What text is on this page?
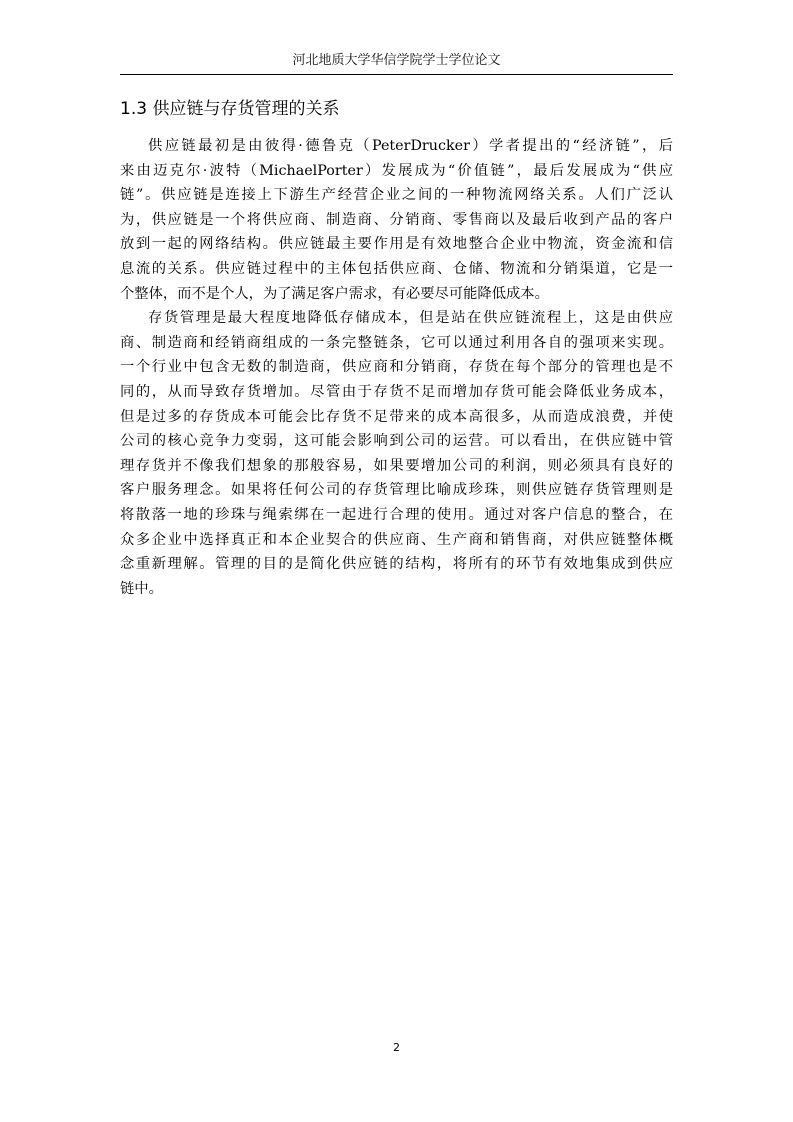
河北地质大学华信学院学士学位论文
1.3 供应链与存货管理的关系

供应链最初是由彼得·德鲁克（PeterDrucker）学者提出的“经济链”，后
来由迈克尔·波特（MichaelPorter）发展成为“价值链”，最后发展成为“供应
链”。供应链是连接上下游生产经营企业之间的一种物流网络关系。人们广泛认
为，供应链是一个将供应商、制造商、分销商、零售商以及最后收到产品的客户
放到一起的网络结构。供应链最主要作用是有效地整合企业中物流，资金流和信
息流的关系。供应链过程中的主体包括供应商、仓储、物流和分销渠道，它是一
个整体，而不是个人，为了满足客户需求，有必要尽可能降低成本。

存货管理是最大程度地降低存储成本，但是站在供应链流程上，这是由供应
商、制造商和经销商组成的一条完整链条，它可以通过利用各自的强项来实现。
一个行业中包含无数的制造商，供应商和分销商，存货在每个部分的管理也是不
同的，从而导致存货增加。尽管由于存货不足而增加存货可能会降低业务成本，
但是过多的存货成本可能会比存货不足带来的成本高很多，从而造成浪费，并使
公司的核心竞争力变弱，这可能会影响到公司的运营。可以看出，在供应链中管
理存货并不像我们想象的那般容易，如果要增加公司的利润，则必须具有良好的
客户服务理念。如果将任何公司的存货管理比喻成珍珠，则供应链存货管理则是
将散落一地的珍珠与绳索绑在一起进行合理的使用。通过对客户信息的整合，在
众多企业中选择真正和本企业契合的供应商、生产商和销售商，对供应链整体概
念重新理解。管理的目的是简化供应链的结构，将所有的环节有效地集成到供应
链中。

2
